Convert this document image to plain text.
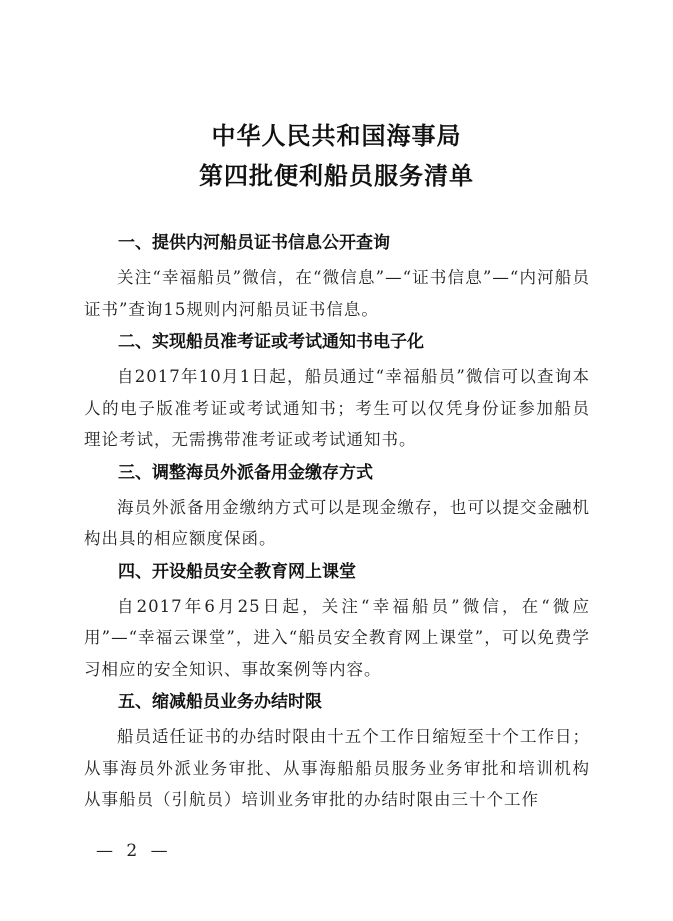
中华人民共和国海事局
第四批便利船员服务清单
一、提供内河船员证书信息公开查询
关注“幸福船员”微信，在“微信息”—“证书信息”—“内河船员证书”查询15规则内河船员证书信息。
二、实现船员准考证或考试通知书电子化
自2017年10月1日起，船员通过“幸福船员”微信可以查询本人的电子版准考证或考试通知书；考生可以仅凭身份证参加船员理论考试，无需携带准考证或考试通知书。
三、调整海员外派备用金缴存方式
海员外派备用金缴纳方式可以是现金缴存，也可以提交金融机构出具的相应额度保函。
四、开设船员安全教育网上课堂
自2017年6月25日起，关注“幸福船员”微信，在“微应用”—“幸福云课堂”，进入“船员安全教育网上课堂”，可以免费学习相应的安全知识、事故案例等内容。
五、缩减船员业务办结时限
船员适任证书的办结时限由十五个工作日缩短至十个工作日；从事海员外派业务审批、从事海船船员服务业务审批和培训机构从事船员（引航员）培训业务审批的办结时限由三十个工作
— 2 —
